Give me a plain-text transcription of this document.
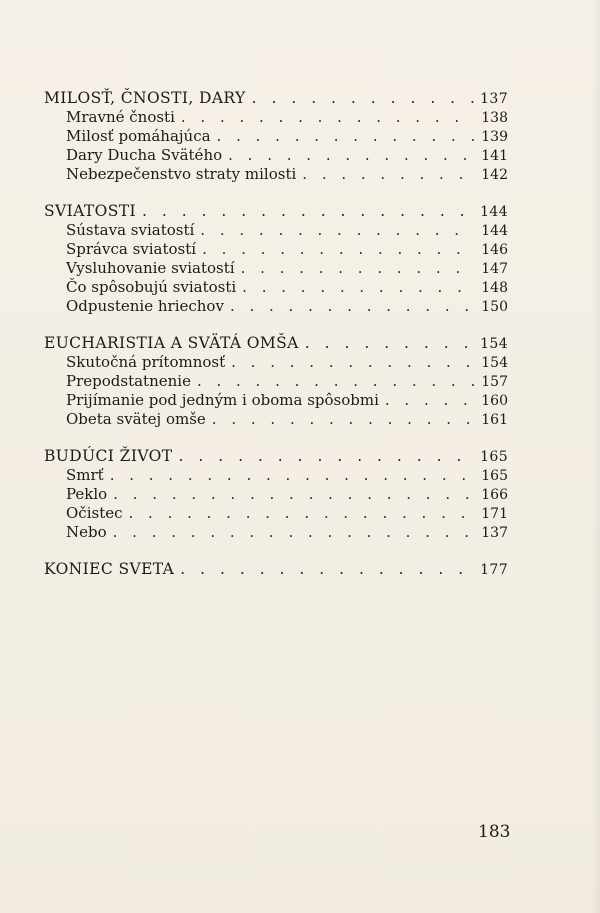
MILOSŤ, ČNOSTI, DARY . . .	137
Mravné čnosti . . .	138
Milosť pomáhajúca . . .	139
Dary Ducha Svätého . . .	141
Nebezpečenstvo straty milosti . . .	142
SVIATOSTI . . .	144
Sústava sviatostí . . .	144
Správca sviatostí . . .	146
Vysluhovanie sviatostí . . .	147
Čo spôsobujú sviatosti . . .	148
Odpustenie hriechov . . .	150
EUCHARISTIA A SVÄTÁ OMŠA . . .	154
Skutočná prítomnosť . . .	154
Prepodstatnenie . . .	157
Prijímanie pod jedným i oboma spôsobmi . . .	160
Obeta svätej omše . . .	161
BUDÚCI ŽIVOT . . .	165
Smrť . . .	165
Peklo . . .	166
Očistec . . .	171
Nebo . . .	137
KONIEC SVETA . . .	177
183
